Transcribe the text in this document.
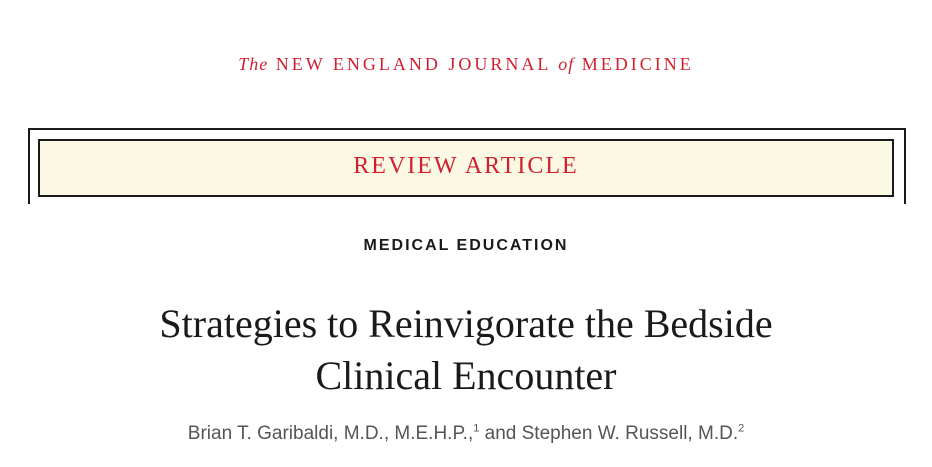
The NEW ENGLAND JOURNAL of MEDICINE
REVIEW ARTICLE
MEDICAL EDUCATION
Strategies to Reinvigorate the Bedside
Clinical Encounter
Brian T. Garibaldi, M.D., M.E.H.P.,$^1$ and Stephen W. Russell, M.D.$^2$
